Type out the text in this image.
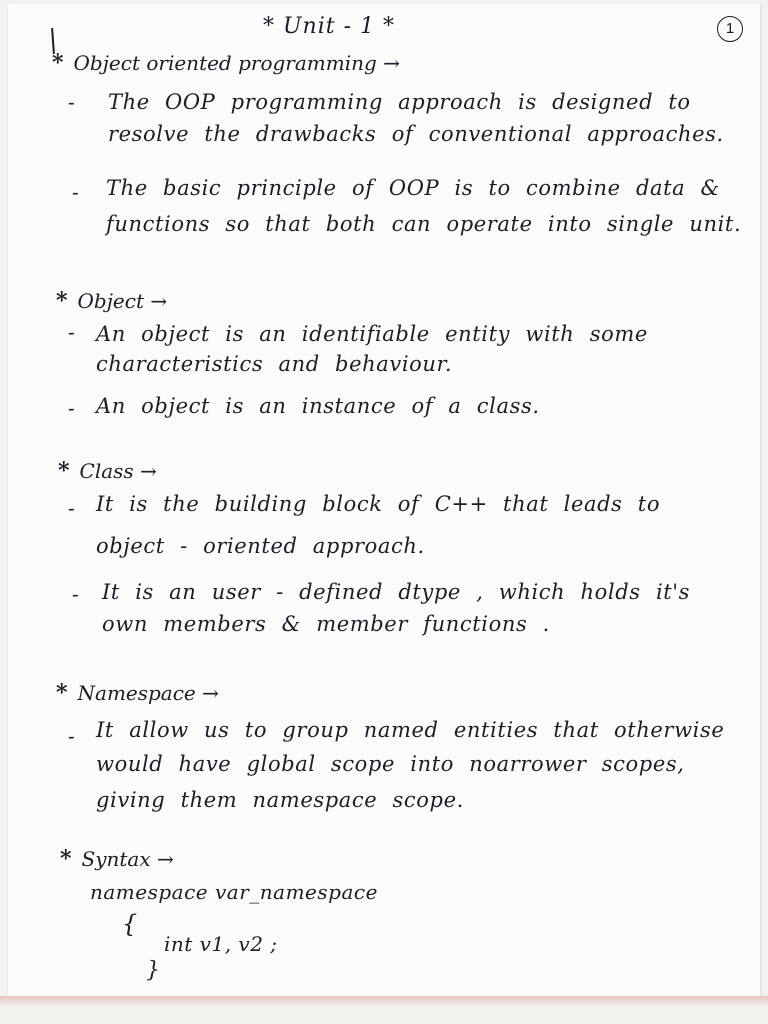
* Unit - 1 *	1
* Object oriented programming →
- The OOP programming approach is designed to
resolve the drawbacks of conventional approaches.
- The basic principle of OOP is to combine data &
functions so that both can operate into single unit.
* Object →
- An object is an identifiable entity with some
characteristics and behaviour.
- An object is an instance of a class.
* Class →
- It is the building block of C++ that leads to
object - oriented approach.
- It is an user - defined dtype , which holds it's
own members & member functions .
* Namespace →
- It allow us to group named entities that otherwise
would have global scope into noarrower scopes,
giving them namespace scope.
* Syntax →
namespace var_namespace
{
int v1, v2 ;
}
